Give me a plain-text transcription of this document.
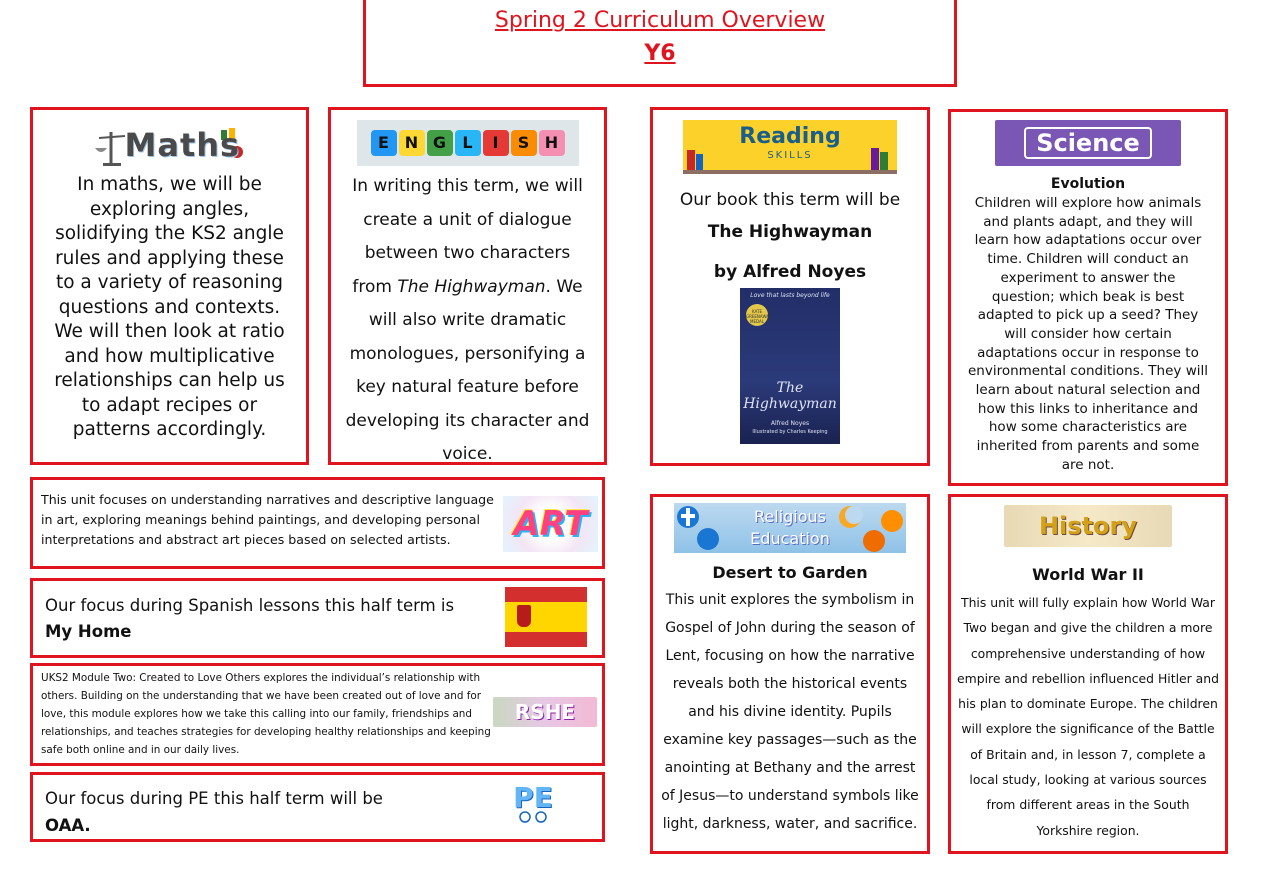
Spring 2 Curriculum Overview
Y6
Maths
In maths, we will be exploring angles, solidifying the KS2 angle rules and applying these to a variety of reasoning questions and contexts. We will then look at ratio and how multiplicative relationships can help us to adapt recipes or patterns accordingly.
E N G	L	I	S H
In writing this term, we will create a unit of dialogue between two characters from The Highwayman. We will also write dramatic monologues, personifying a key natural feature before developing its character and voice.
Reading
SKILLS
Our book this term will be
The Highwayman
by Alfred Noyes
Love that lasts beyond life
KATE GREENAWAY MEDAL
The Highwayman
Alfred Noyes
Illustrated by Charles Keeping
Science
Evolution
Children will explore how animals and plants adapt, and they will learn how adaptations occur over time. Children will conduct an experiment to answer the question; which beak is best adapted to pick up a seed? They will consider how certain adaptations occur in response to environmental conditions. They will learn about natural selection and how this links to inheritance and how some characteristics are inherited from parents and some are not.
This unit focuses on understanding narratives and descriptive language in art, exploring meanings behind paintings, and developing personal interpretations and abstract art pieces based on selected artists.	ART
Our focus during Spanish lessons this half term is My Home
UKS2 Module Two: Created to Love Others explores the individual’s relationship with others. Building on the understanding that we have been created out of love and for love, this module explores how we take this calling into our family, friendships and relationships, and teaches strategies for developing healthy relationships and keeping safe both online and in our daily lives.
RSHE
Our focus during PE this half term will be OAA.
PE
Religious
Education
Desert to Garden
This unit explores the symbolism in Gospel of John during the season of Lent, focusing on how the narrative reveals both the historical events and his divine identity. Pupils examine key passages—such as the anointing at Bethany and the arrest of Jesus—to understand symbols like light, darkness, water, and sacrifice.
History
World War II
This unit will fully explain how World War Two began and give the children a more comprehensive understanding of how empire and rebellion influenced Hitler and his plan to dominate Europe. The children will explore the significance of the Battle of Britain and, in lesson 7, complete a local study, looking at various sources from different areas in the South Yorkshire region.
